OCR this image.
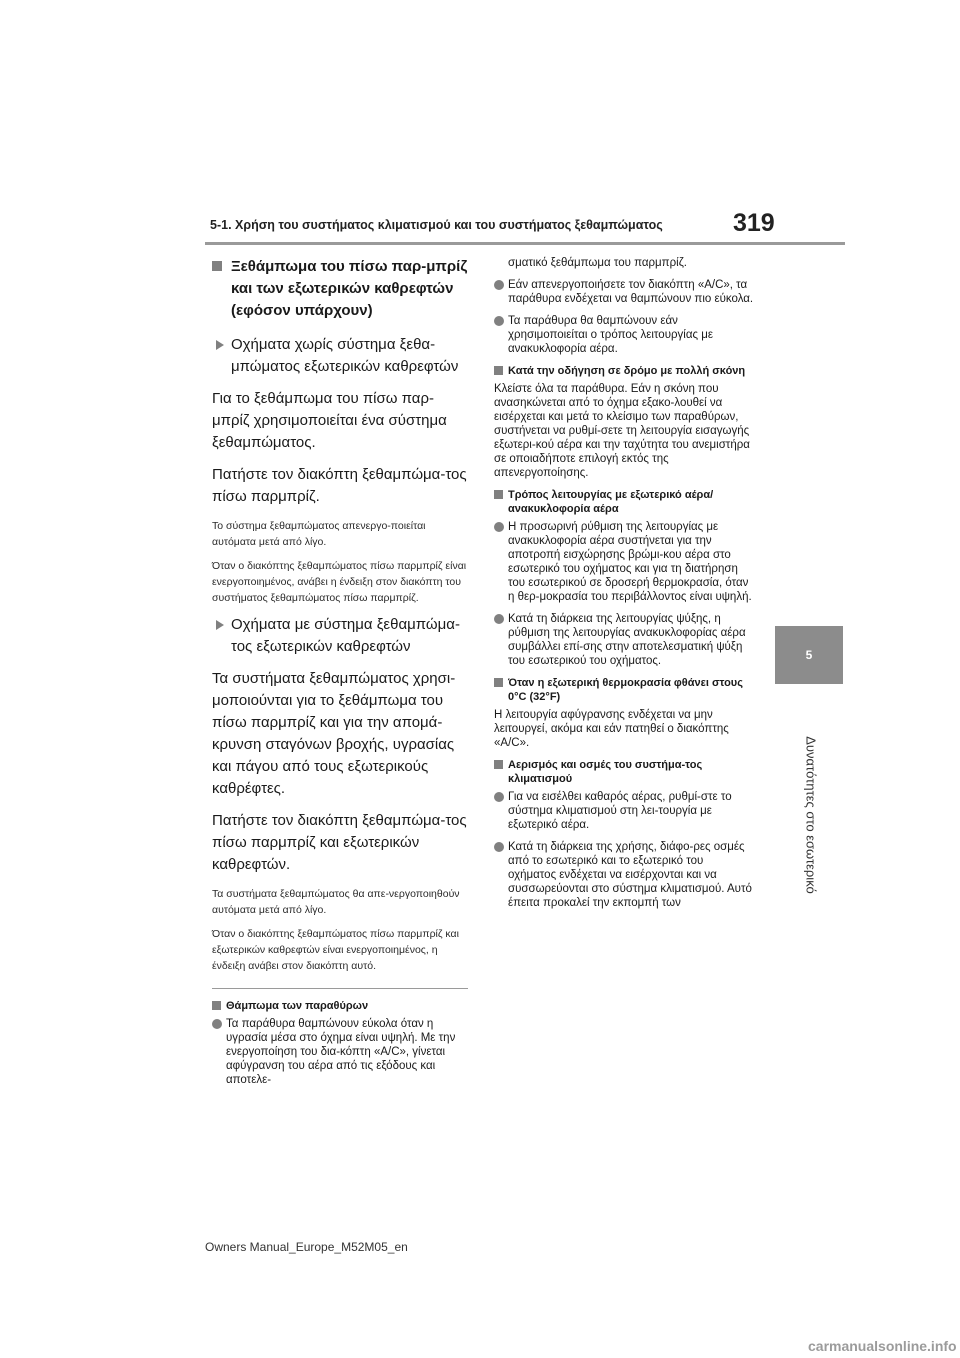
5-1. Χρήση του συστήματος κλιματισμού και του συστήματος ξεθαμπώματος	319
5
Δυνατότητες στο εσωτερικό
Ξεθάμπωμα του πίσω παρ-μπρίζ και των εξωτερικών καθρεφτών (εφόσον υπάρχουν)
Οχήματα χωρίς σύστημα ξεθα-μπώματος εξωτερικών καθρεφτών
Για το ξεθάμπωμα του πίσω παρ-μπρίζ χρησιμοποιείται ένα σύστημα ξεθαμπώματος.
Πατήστε τον διακόπτη ξεθαμπώμα-τος πίσω παρμπρίζ.
Το σύστημα ξεθαμπώματος απενεργο-ποιείται αυτόματα μετά από λίγο.
Όταν ο διακόπτης ξεθαμπώματος πίσω παρμπρίζ είναι ενεργοποιημένος, ανάβει η ένδειξη στον διακόπτη του συστήματος ξεθαμπώματος πίσω παρμπρίζ.
Οχήματα με σύστημα ξεθαμπώμα-τος εξωτερικών καθρεφτών
Τα συστήματα ξεθαμπώματος χρησι-μοποιούνται για το ξεθάμπωμα του πίσω παρμπρίζ και για την απομά-κρυνση σταγόνων βροχής, υγρασίας και πάγου από τους εξωτερικούς καθρέφτες.
Πατήστε τον διακόπτη ξεθαμπώμα-τος πίσω παρμπρίζ και εξωτερικών καθρεφτών.
Τα συστήματα ξεθαμπώματος θα απε-νεργοποιηθούν αυτόματα μετά από λίγο.
Όταν ο διακόπτης ξεθαμπώματος πίσω παρμπρίζ και εξωτερικών καθρεφτών είναι ενεργοποιημένος, η ένδειξη ανάβει στον διακόπτη αυτό.
Θάμπωμα των παραθύρων
Τα παράθυρα θαμπώνουν εύκολα όταν η υγρασία μέσα στο όχημα είναι υψηλή. Με την ενεργοποίηση του δια-κόπτη «A/C», γίνεται αφύγρανση του αέρα από τις εξόδους και αποτελε-
σματικό ξεθάμπωμα του παρμπρίζ.
Εάν απενεργοποιήσετε τον διακόπτη «A/C», τα παράθυρα ενδέχεται να θαμπώνουν πιο εύκολα.
Τα παράθυρα θα θαμπώνουν εάν χρησιμοποιείται ο τρόπος λειτουργίας με ανακυκλοφορία αέρα.
Κατά την οδήγηση σε δρόμο με πολλή σκόνη
Κλείστε όλα τα παράθυρα. Εάν η σκόνη που ανασηκώνεται από το όχημα εξακο-λουθεί να εισέρχεται και μετά το κλείσιμο των παραθύρων, συστήνεται να ρυθμί-σετε τη λειτουργία εισαγωγής εξωτερι-κού αέρα και την ταχύτητα του ανεμιστήρα σε οποιαδήποτε επιλογή εκτός της απενεργοποίησης.
Τρόπος λειτουργίας με εξωτερικό αέρα/ανακυκλοφορία αέρα
Η προσωρινή ρύθμιση της λειτουργίας με ανακυκλοφορία αέρα συστήνεται για την αποτροπή εισχώρησης βρώμι-κου αέρα στο εσωτερικό του οχήματος και για τη διατήρηση του εσωτερικού σε δροσερή θερμοκρασία, όταν η θερ-μοκρασία του περιβάλλοντος είναι υψηλή.
Κατά τη διάρκεια της λειτουργίας ψύξης, η ρύθμιση της λειτουργίας ανακυκλοφορίας αέρα συμβάλλει επί-σης στην αποτελεσματική ψύξη του εσωτερικού του οχήματος.
Όταν η εξωτερική θερμοκρασία φθάνει στους 0°C (32°F)
Η λειτουργία αφύγρανσης ενδέχεται να μην λειτουργεί, ακόμα και εάν πατηθεί ο διακόπτης «A/C».
Αερισμός και οσμές του συστήμα-τος κλιματισμού
Για να εισέλθει καθαρός αέρας, ρυθμί-στε το σύστημα κλιματισμού στη λει-τουργία με εξωτερικό αέρα.
Κατά τη διάρκεια της χρήσης, διάφο-ρες οσμές από το εσωτερικό και το εξωτερικό του οχήματος ενδέχεται να εισέρχονται και να συσσωρεύονται στο σύστημα κλιματισμού. Αυτό έπειτα προκαλεί την εκπομπή των
Owners Manual_Europe_M52M05_en
carmanualsonline.info
